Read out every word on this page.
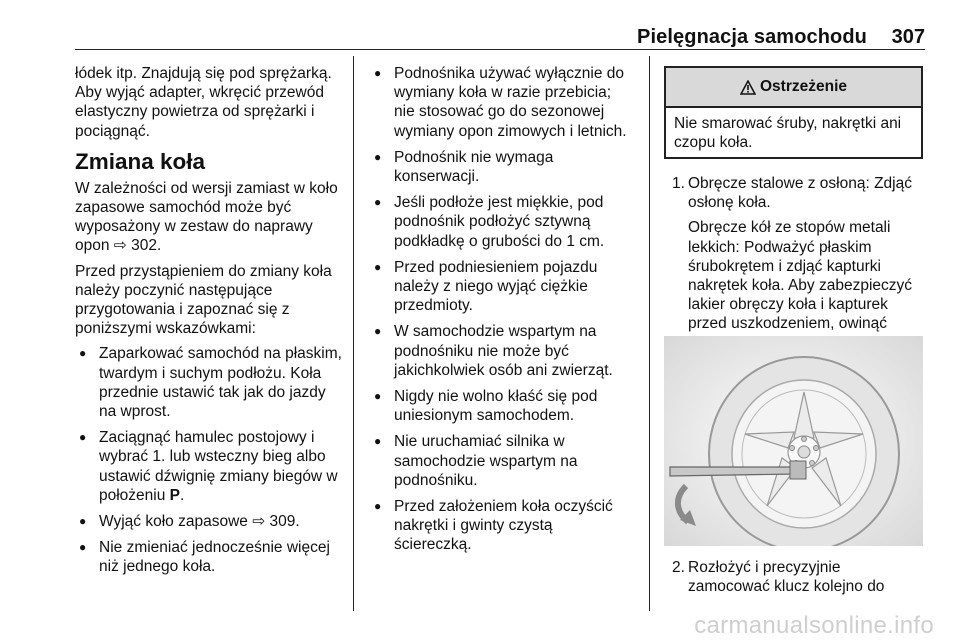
Pielęgnacja samochodu 307

łódek itp. Znajdują się pod sprężarką. Aby wyjąć adapter, wkręcić przewód elastyczny powietrza od sprężarki i pociągnąć.

Zmiana koła

W zależności od wersji zamiast w koło zapasowe samochód może być wyposażony w zestaw do naprawy opon ⇨ 302.

Przed przystąpieniem do zmiany koła należy poczynić następujące przygotowania i zapoznać się z poniższymi wskazówkami:

● Zaparkować samochód na płaskim, twardym i suchym podłożu. Koła przednie ustawić tak jak do jazdy na wprost.
● Zaciągnąć hamulec postojowy i wybrać 1. lub wsteczny bieg albo ustawić dźwignię zmiany biegów w położeniu P.
● Wyjąć koło zapasowe ⇨ 309.
● Nie zmieniać jednocześnie więcej niż jednego koła.
● Podnośnika używać wyłącznie do wymiany koła w razie przebicia; nie stosować go do sezonowej wymiany opon zimowych i letnich.
● Podnośnik nie wymaga konserwacji.
● Jeśli podłoże jest miękkie, pod podnośnik podłożyć sztywną podkładkę o grubości do 1 cm.
● Przed podniesieniem pojazdu należy z niego wyjąć ciężkie przedmioty.
● W samochodzie wspartym na podnośniku nie może być jakichkolwiek osób ani zwierząt.
● Nigdy nie wolno kłaść się pod uniesionym samochodem.
● Nie uruchamiać silnika w samochodzie wspartym na podnośniku.
● Przed założeniem koła oczyścić nakrętki i gwinty czystą ściereczką.
Ostrzeżenie
Nie smarować śruby, nakrętki ani czopu koła.
1. Obręcze stalowe z osłoną: Zdjąć osłonę koła.

Obręcze kół ze stopów metali lekkich: Podważyć płaskim śrubokrętem i zdjąć kapturki nakrętek koła. Aby zabezpieczyć lakier obręczy koła i kapturek przed uszkodzeniem, owinąć

2. Rozłożyć i precyzyjnie zamocować klucz kolejno do

carmanualsonline.info
